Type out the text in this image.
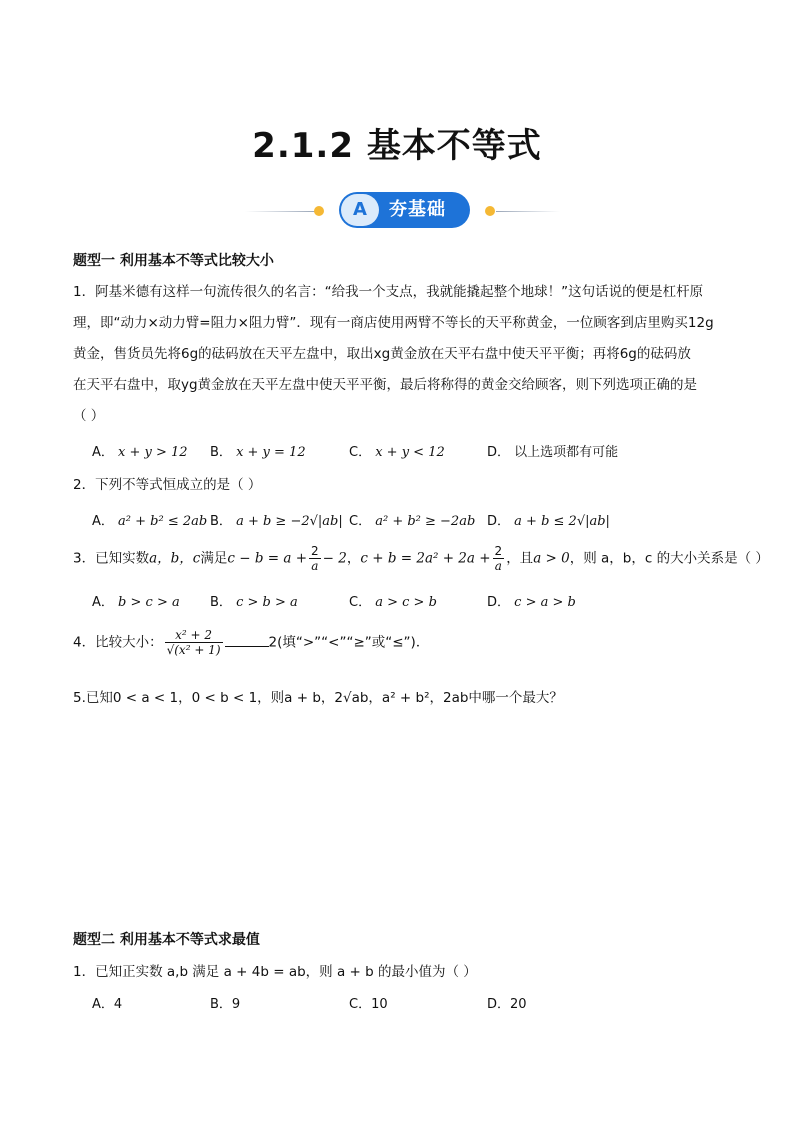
2.1.2 基本不等式
A	夯基础
题型一 利用基本不等式比较大小
1．阿基米德有这样一句流传很久的名言：“给我一个支点，我就能撬起整个地球！”这句话说的便是杠杆原
理，即“动力×动力臂=阻力×阻力臂”．现有一商店使用两臂不等长的天平称黄金，一位顾客到店里购买12g
黄金，售货员先将6g的砝码放在天平左盘中，取出xg黄金放在天平右盘中使天平平衡；再将6g的砝码放
在天平右盘中，取yg黄金放在天平左盘中使天平平衡，最后将称得的黄金交给顾客，则下列选项正确的是
（ ）
A． x + y > 12 B． x + y = 12	C． x + y < 12	D． 以上选项都有可能
2．下列不等式恒成立的是（ ）
A． a² + b² ≤ 2ab B． a + b ≥ −2√|ab| C． a² + b² ≥ −2ab D． a + b ≤ 2√|ab|
3．已知实数a，b，c满足$c - b = a + \frac{2}{a} - 2$，$c + b = 2a^2 + 2a + \frac{2}{a}$ ，且a > 0，则 a，b，c 的大小关系是（ ）
A． b > c > a B． c > b > a	C． a > c > b	D． c > a > b
4．比较大小： $\frac{\text{x² + 2}}{\text{√(x² + 1)}}$	2(填“>”“<”“≥”或“≤”)．
5.已知0 < a < 1，0 < b < 1，则a + b，2√ab，a² + b²，2ab中哪一个最大？
题型二 利用基本不等式求最值
1．已知正实数 a,b 满足 a + 4b = ab，则 a + b 的最小值为（ ）
A．4	B．9	C．10	D．20
